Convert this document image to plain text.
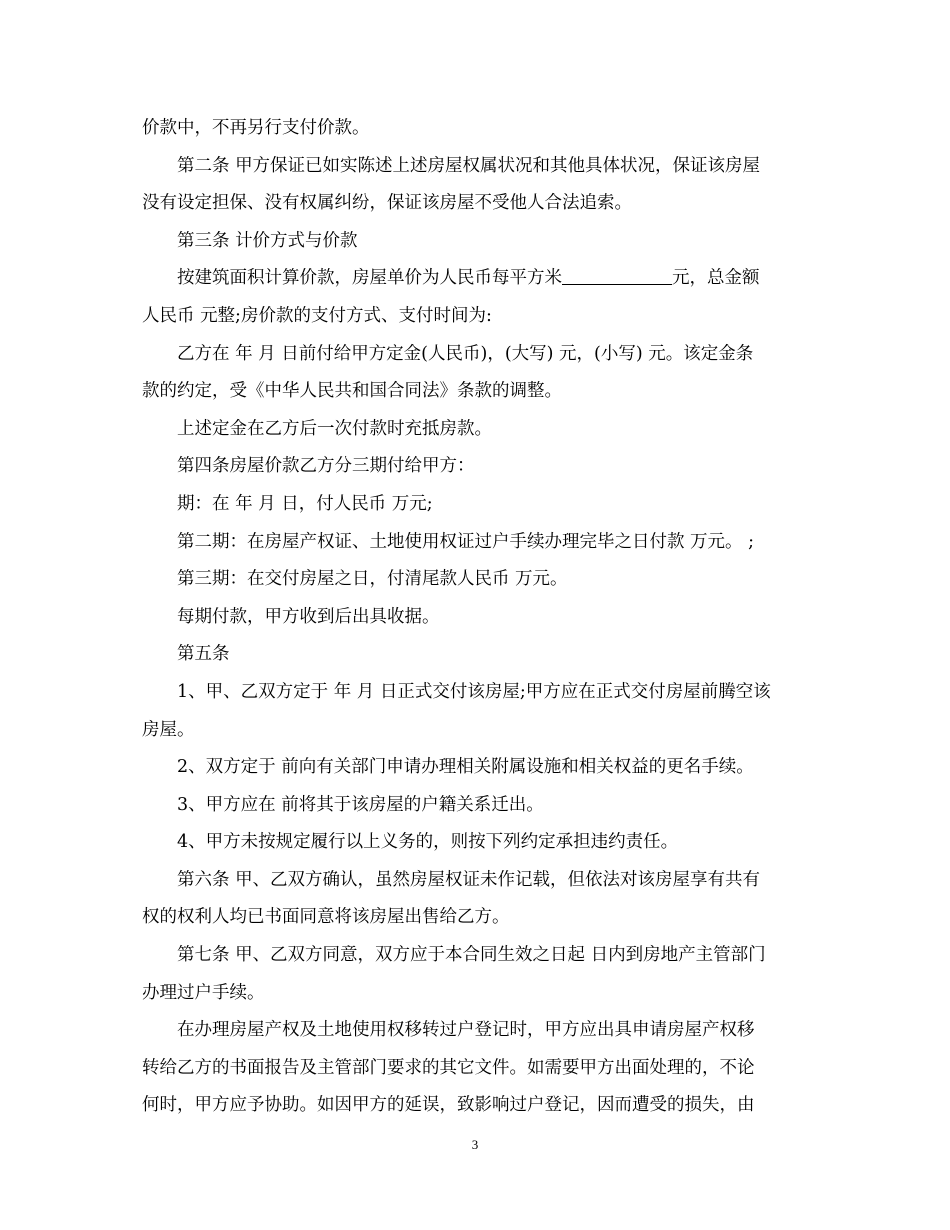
价款中，不再另行支付价款。
第二条 甲方保证已如实陈述上述房屋权属状况和其他具体状况，保证该房屋
没有设定担保、没有权属纠纷，保证该房屋不受他人合法追索。
第三条 计价方式与价款
按建筑面积计算价款，房屋单价为人民币每平方米	元，总金额
人民币 元整;房价款的支付方式、支付时间为:
乙方在 年 月 日前付给甲方定金(人民币)，(大写) 元，(小写) 元。该定金条
款的约定，受《中华人民共和国合同法》条款的调整。
上述定金在乙方后一次付款时充抵房款。
第四条房屋价款乙方分三期付给甲方：
期：在 年 月 日，付人民币 万元;
第二期：在房屋产权证、土地使用权证过户手续办理完毕之日付款 万元。 ;
第三期：在交付房屋之日，付清尾款人民币 万元。
每期付款，甲方收到后出具收据。
第五条
1、甲、乙双方定于 年 月 日正式交付该房屋;甲方应在正式交付房屋前腾空该
房屋。
2、双方定于 前向有关部门申请办理相关附属设施和相关权益的更名手续。
3、甲方应在 前将其于该房屋的户籍关系迁出。
4、甲方未按规定履行以上义务的，则按下列约定承担违约责任。
第六条 甲、乙双方确认，虽然房屋权证未作记载，但依法对该房屋享有共有
权的权利人均已书面同意将该房屋出售给乙方。
第七条 甲、乙双方同意，双方应于本合同生效之日起 日内到房地产主管部门
办理过户手续。
在办理房屋产权及土地使用权移转过户登记时，甲方应出具申请房屋产权移
转给乙方的书面报告及主管部门要求的其它文件。如需要甲方出面处理的，不论
何时，甲方应予协助。如因甲方的延误，致影响过户登记，因而遭受的损失，由
3
